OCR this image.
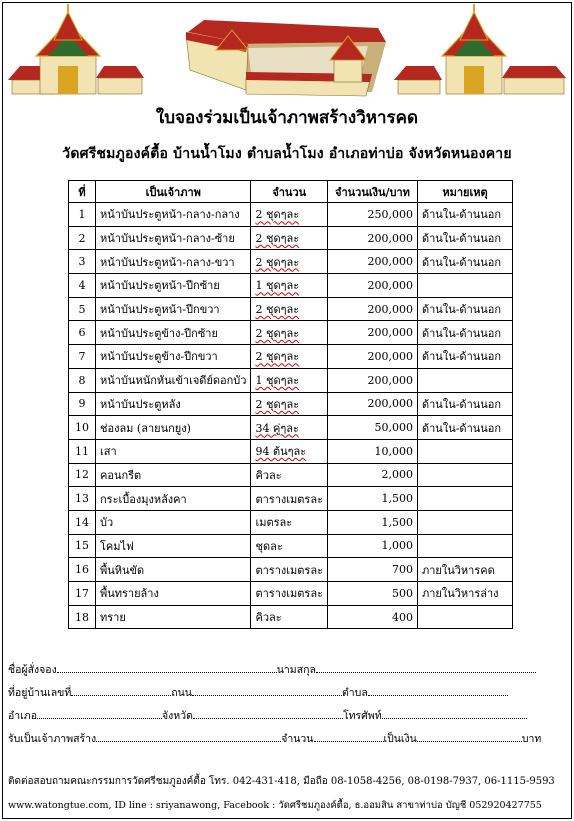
ใบจองร่วมเป็นเจ้าภาพสร้างวิหารคด
วัดศรีชมภูองค์ตื้อ บ้านน้ำโมง ตำบลน้ำโมง อำเภอท่าบ่อ จังหวัดหนองคาย
ที่	เป็นเจ้าภาพ	จำนวน	จำนวนเงิน/บาท	หมายเหตุ
1	หน้าบันประตูหน้า-กลาง-กลาง	2 ชุดๆละ	250,000	ด้านใน-ด้านนอก
2	หน้าบันประตูหน้า-กลาง-ซ้าย	2 ชุดๆละ	200,000	ด้านใน-ด้านนอก
3	หน้าบันประตูหน้า-กลาง-ขวา	2 ชุดๆละ	200,000	ด้านใน-ด้านนอก
4	หน้าบันประตูหน้า-ปีกซ้าย	1 ชุดๆละ	200,000	
5	หน้าบันประตูหน้า-ปีกขวา	2 ชุดๆละ	200,000	ด้านใน-ด้านนอก
6	หน้าบันประตูข้าง-ปีกซ้าย	2 ชุดๆละ	200,000	ด้านใน-ด้านนอก
7	หน้าบันประตูข้าง-ปีกขวา	2 ชุดๆละ	200,000	ด้านใน-ด้านนอก
8	หน้าบันหนักหันเข้าเจดีย์ดอกบัว	1 ชุดๆละ	200,000	
9	หน้าบันประตูหลัง	2 ชุดๆละ	200,000	ด้านใน-ด้านนอก
10	ช่องลม (ลายนกยูง)	34 คู่ๆละ	50,000	ด้านใน-ด้านนอก
11	เสา	94 ต้นๆละ	10,000	
12	คอนกรีต	คิวละ	2,000	
13	กระเบื้องมุงหลังคา	ตารางเมตรละ	1,500	
14	บัว	เมตรละ	1,500	
15	โคมไฟ	ชุดละ	1,000	
16	พื้นหินขัด	ตารางเมตรละ	700	ภายในวิหารคด
17	พื้นทรายล้าง	ตารางเมตรละ	500	ภายในวิหารล่าง
18	ทราย	คิวละ	400	
ชื่อผู้สั่งจอง	นามสกุล
ที่อยู่บ้านเลขที่	ถนน	ตำบล
อำเภอ	จังหวัด	โทรศัพท์
รับเป็นเจ้าภาพสร้าง	จำนวน	เป็นเงิน	บาท
ติดต่อสอบถามคณะกรรมการวัดศรีชมภูองค์ตื้อ โทร. 042-431-418, มือถือ 08-1058-4256, 08-0198-7937, 06-1115-9593
www.watongtue.com, ID line : sriyanawong, Facebook : วัดศรีชมภูองค์ตื้อ, ธ.ออมสิน สาขาท่าบ่อ บัญชี 052920427755
